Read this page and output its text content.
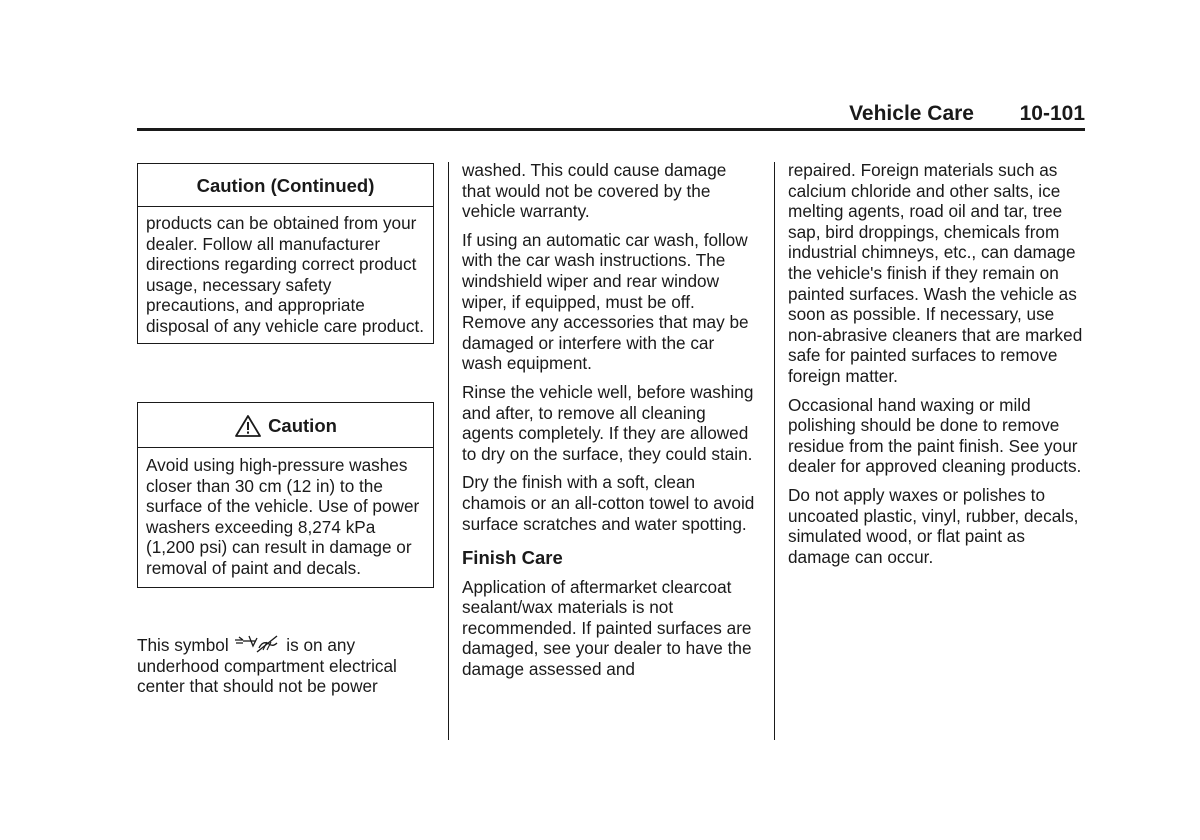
Vehicle Care 10-101
Caution (Continued)
products can be obtained from your dealer. Follow all manufacturer directions regarding correct product usage, necessary safety precautions, and appropriate disposal of any vehicle care product.
Caution
Avoid using high-pressure washes closer than 30 cm (12 in) to the surface of the vehicle. Use of power washers exceeding 8,274 kPa (1,200 psi) can result in damage or removal of paint and decals.
This symbol	is on any underhood compartment electrical center that should not be power

washed. This could cause damage that would not be covered by the vehicle warranty.

If using an automatic car wash, follow with the car wash instructions. The windshield wiper and rear window wiper, if equipped, must be off. Remove any accessories that may be damaged or interfere with the car wash equipment.

Rinse the vehicle well, before washing and after, to remove all cleaning agents completely. If they are allowed to dry on the surface, they could stain.

Dry the finish with a soft, clean chamois or an all-cotton towel to avoid surface scratches and water spotting.

Finish Care

Application of aftermarket clearcoat sealant/wax materials is not recommended. If painted surfaces are damaged, see your dealer to have the damage assessed and

repaired. Foreign materials such as calcium chloride and other salts, ice melting agents, road oil and tar, tree sap, bird droppings, chemicals from industrial chimneys, etc., can damage the vehicle's finish if they remain on painted surfaces. Wash the vehicle as soon as possible. If necessary, use non-abrasive cleaners that are marked safe for painted surfaces to remove foreign matter.

Occasional hand waxing or mild polishing should be done to remove residue from the paint finish. See your dealer for approved cleaning products.

Do not apply waxes or polishes to uncoated plastic, vinyl, rubber, decals, simulated wood, or flat paint as damage can occur.
